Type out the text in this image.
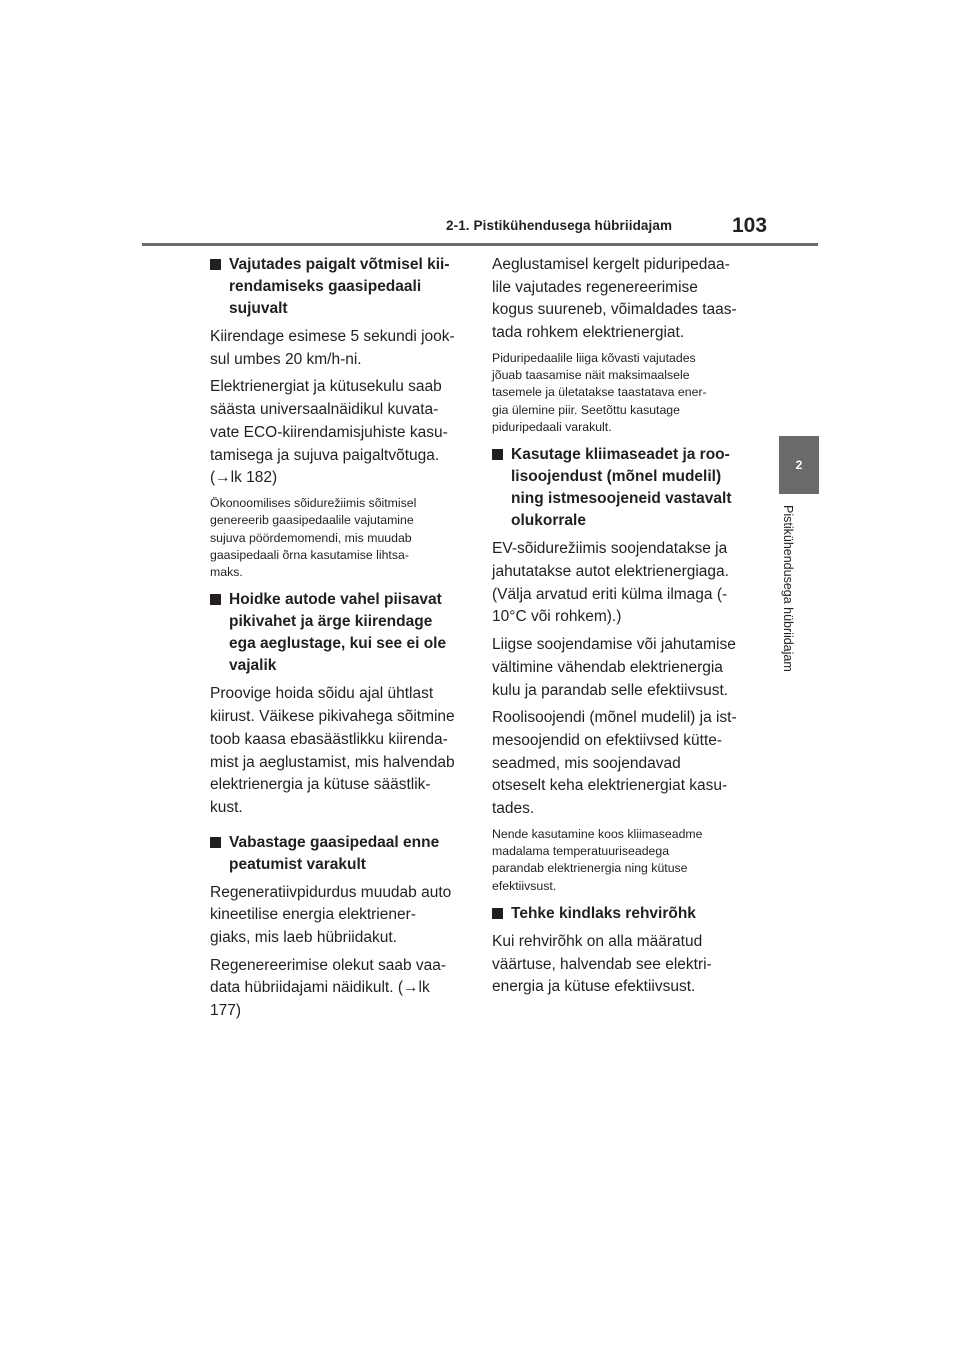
2-1. Pistikühendusega hübriidajam	103
2
Pistikühendusega hübriidajam
Vajutades paigalt võtmisel kii-
rendamiseks gaasipedaali
sujuvalt
Kiirendage esimese 5 sekundi jook-
sul umbes 20 km/h-ni.
Elektrienergiat ja kütusekulu saab
säästa universaalnäidikul kuvata-
vate ECO-kiirendamisjuhiste kasu-
tamisega ja sujuva paigaltvõtuga.
(→lk 182)
Ökonoomilises sõidurežiimis sõitmisel
genereerib gaasipedaalile vajutamine
sujuva pöördemomendi, mis muudab
gaasipedaali õrna kasutamise lihtsa-
maks.
Hoidke autode vahel piisavat
pikivahet ja ärge kiirendage
ega aeglustage, kui see ei ole
vajalik
Proovige hoida sõidu ajal ühtlast
kiirust. Väikese pikivahega sõitmine
toob kaasa ebasäästlikku kiirenda-
mist ja aeglustamist, mis halvendab
elektrienergia ja kütuse säästlik-
kust.
Vabastage gaasipedaal enne
peatumist varakult
Regeneratiivpidurdus muudab auto
kineetilise energia elektriener-
giaks, mis laeb hübriidakut.
Regenereerimise olekut saab vaa-
data hübriidajami näidikult. (→lk
177)
Aeglustamisel kergelt piduripedaa-
lile vajutades regenereerimise
kogus suureneb, võimaldades taas-
tada rohkem elektrienergiat.
Piduripedaalile liiga kõvasti vajutades
jõuab taasamise näit maksimaalsele
tasemele ja ületatakse taastatava ener-
gia ülemine piir. Seetõttu kasutage
piduripedaali varakult.
Kasutage kliimaseadet ja roo-
lisoojendust (mõnel mudelil)
ning istmesoojeneid vastavalt
olukorrale
EV-sõidurežiimis soojendatakse ja
jahutatakse autot elektrienergiaga.
(Välja arvatud eriti külma ilmaga (-
10°C või rohkem).)
Liigse soojendamise või jahutamise
vältimine vähendab elektrienergia
kulu ja parandab selle efektiivsust.
Roolisoojendi (mõnel mudelil) ja ist-
mesoojendid on efektiivsed kütte-
seadmed, mis soojendavad
otseselt keha elektrienergiat kasu-
tades.
Nende kasutamine koos kliimaseadme
madalama temperatuuriseadega
parandab elektrienergia ning kütuse
efektiivsust.
Tehke kindlaks rehvirõhk
Kui rehvirõhk on alla määratud
väärtuse, halvendab see elektri-
energia ja kütuse efektiivsust.
